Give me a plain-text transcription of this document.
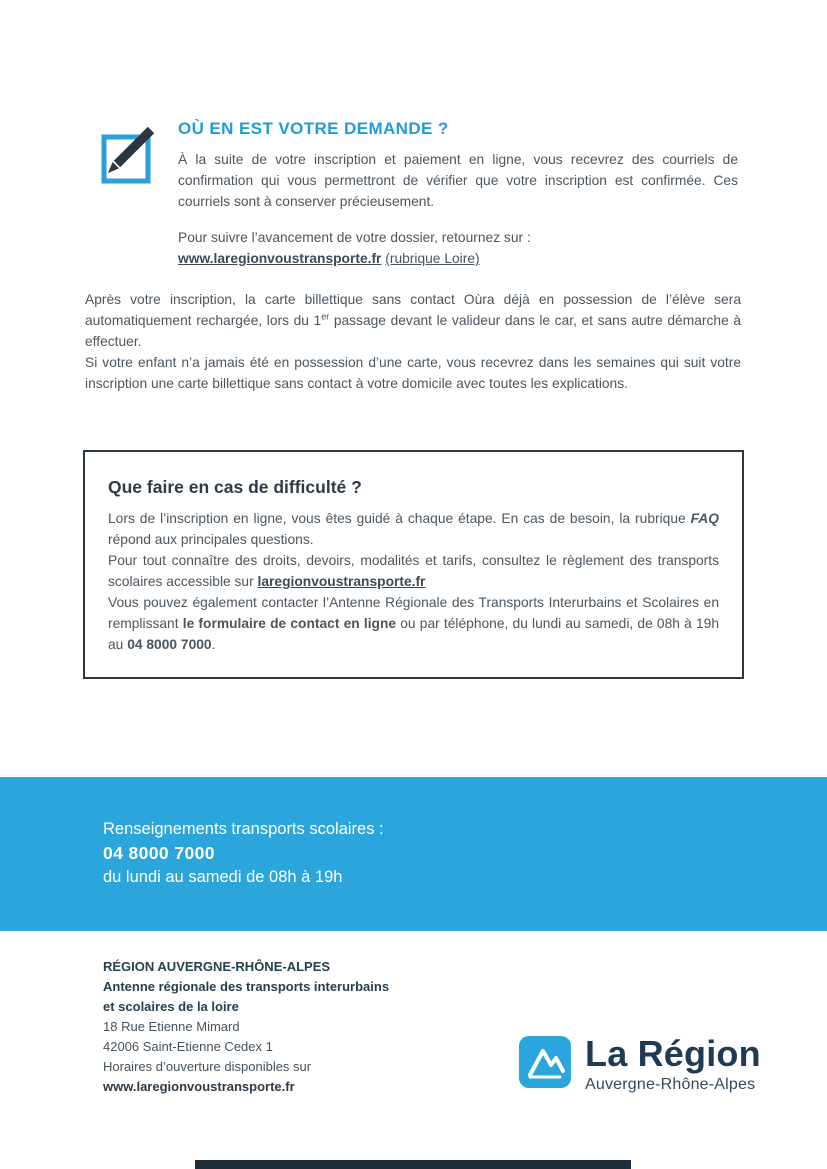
OÙ EN EST VOTRE DEMANDE ?

À la suite de votre inscription et paiement en ligne, vous recevrez des courriels de confirmation qui vous permettront de vérifier que votre inscription est confirmée. Ces courriels sont à conserver précieusement.

Pour suivre l’avancement de votre dossier, retournez sur :

www.laregionvoustransporte.fr (rubrique Loire)

Après votre inscription, la carte billettique sans contact Oùra déjà en possession de l’élève sera automatiquement rechargée, lors du 1er passage devant le valideur dans le car, et sans autre démarche à effectuer.

Si votre enfant n’a jamais été en possession d’une carte, vous recevrez dans les semaines qui suit votre inscription une carte billettique sans contact à votre domicile avec toutes les explications.

Que faire en cas de difficulté ?

Lors de l’inscription en ligne, vous êtes guidé à chaque étape. En cas de besoin, la rubrique FAQ répond aux principales questions.

Pour tout connaître des droits, devoirs, modalités et tarifs, consultez le règlement des transports scolaires accessible sur laregionvoustransporte.fr

Vous pouvez également contacter l’Antenne Régionale des Transports Interurbains et Scolaires en remplissant le formulaire de contact en ligne ou par téléphone, du lundi au samedi, de 08h à 19h au 04 8000 7000.

Renseignements transports scolaires :

04 8000 7000

du lundi au samedi de 08h à 19h

RÉGION AUVERGNE-RHÔNE-ALPES
Antenne régionale des transports interurbains
et scolaires de la loire
18 Rue Etienne Mimard
42006 Saint-Etienne Cedex 1
Horaires d’ouverture disponibles sur
www.laregionvoustransporte.fr
La Région
Auvergne-Rhône-Alpes
